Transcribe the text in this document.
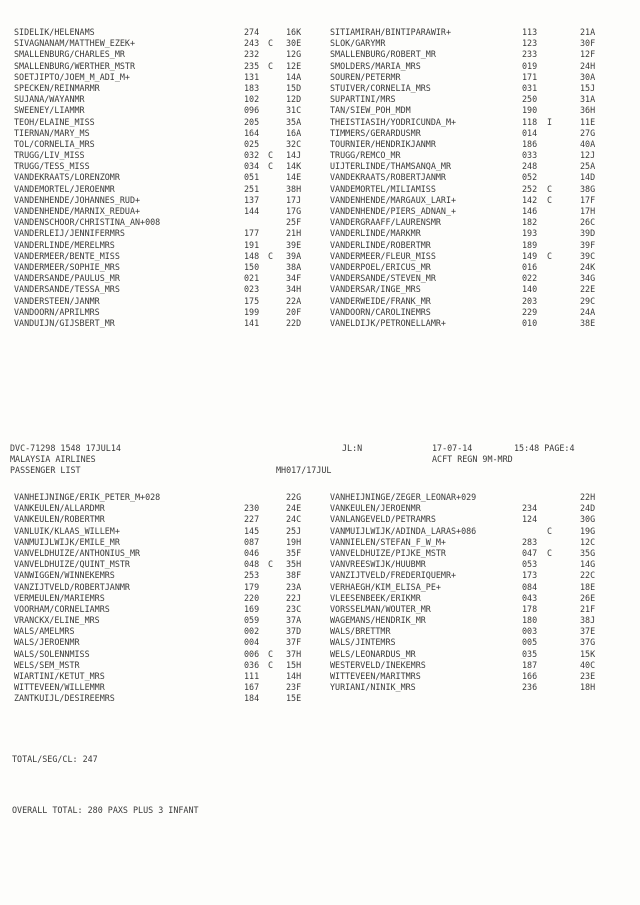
SIDELIK/HELENAMS	274	16K	SITIAMIRAH/BINTIPARAWIR+	113	21A
SIVAGNANAM/MATTHEW_EZEK+	243 C 30E	SLOK/GARYMR	123	30F
SMALLENBURG/CHARLES_MR	232	12G	SMALLENBURG/ROBERT_MR	233	12F
SMALLENBURG/WERTHER_MSTR	235 C 12E	SMOLDERS/MARIA_MRS	019	24H
SOETJIPTO/JOEM_M_ADI_M+	131	14A	SOUREN/PETERMR	171	30A
SPECKEN/REINMARMR	183	15D	STUIVER/CORNELIA_MRS	031	15J
SUJANA/WAYANMR	102	12D	SUPARTINI/MRS	250	31A
SWEENEY/LIAMMR	096	31C	TAN/SIEW_POH_MDM	190	36H
TEOH/ELAINE_MISS	205	35A	THEISTIASIH/YODRICUNDA_M+	118 I	11E
TIERNAN/MARY_MS	164	16A	TIMMERS/GERARDUSMR	014	27G
TOL/CORNELIA_MRS	025	32C	TOURNIER/HENDRIKJANMR	186	40A
TRUGG/LIV_MISS	032 C 14J	TRUGG/REMCO_MR	033	12J
TRUGG/TESS_MISS	034 C 14K	UIJTERLINDE/THAMSANQA_MR	248	25A
VANDEKRAATS/LORENZOMR	051	14E	VANDEKRAATS/ROBERTJANMR	052	14D
VANDEMORTEL/JEROENMR	251	38H	VANDEMORTEL/MILIAMISS	252 C	38G
VANDENHENDE/JOHANNES_RUD+	137	17J	VANDENHENDE/MARGAUX_LARI+	142 C	17F
VANDENHENDE/MARNIX_REDUA+	144	17G	VANDENHENDE/PIERS_ADNAN_+	146	17H
VANDENSCHOOR/CHRISTINA_AN+008	25F	VANDERGRAAFF/LAURENSMR	182	26C
VANDERLEIJ/JENNIFERMRS	177	21H	VANDERLINDE/MARKMR	193	39D
VANDERLINDE/MERELMRS	191	39E	VANDERLINDE/ROBERTMR	189	39F
VANDERMEER/BENTE_MISS	148 C 39A	VANDERMEER/FLEUR_MISS	149 C	39C
VANDERMEER/SOPHIE_MRS	150	38A	VANDERPOEL/ERICUS_MR	016	24K
VANDERSANDE/PAULUS_MR	021	34F	VANDERSANDE/STEVEN_MR	022	34G
VANDERSANDE/TESSA_MRS	023	34H	VANDERSAR/INGE_MRS	140	22E
VANDERSTEEN/JANMR	175	22A	VANDERWEIDE/FRANK_MR	203	29C
VANDOORN/APRILMRS	199	20F	VANDOORN/CAROLINEMRS	229	24A
VANDUIJN/GIJSBERT_MR	141	22D	VANELDIJK/PETRONELLAMR+	010	38E
DVC-71298 1548 17JUL14	JL:N	17-07-14	15:48 PAGE:4
MALAYSIA AIRLINES	ACFT REGN 9M-MRD
PASSENGER LIST	MH017/17JUL
VANHEIJNINGE/ERIK_PETER_M+028	22G	VANHEIJNINGE/ZEGER_LEONAR+029	22H
VANKEULEN/ALLARDMR	230	24E	VANKEULEN/JEROENMR	234	24D
VANKEULEN/ROBERTMR	227	24C	VANLANGEVELD/PETRAMRS	124	30G
VANLUIK/KLAAS_WILLEM+	145	25J	VANMUIJLWIJK/ADINDA_LARAS+086	C	19G
VANMUIJLWIJK/EMILE_MR	087	19H	VANNIELEN/STEFAN_F_W_M+	283	12C
VANVELDHUIZE/ANTHONIUS_MR	046	35F	VANVELDHUIZE/PIJKE_MSTR	047 C	35G
VANVELDHUIZE/QUINT_MSTR	048 C 35H	VANVREESWIJK/HUUBMR	053	14G
VANWIGGEN/WINNEKEMRS	253	38F	VANZIJTVELD/FREDERIQUEMR+	173	22C
VANZIJTVELD/ROBERTJANMR	179	23A	VERHAEGH/KIM_ELISA_PE+	084	18E
VERMEULEN/MARIEMRS	220	22J	VLEESENBEEK/ERIKMR	043	26E
VOORHAM/CORNELIAMRS	169	23C	VORSSELMAN/WOUTER_MR	178	21F
VRANCKX/ELINE_MRS	059	37A	WAGEMANS/HENDRIK_MR	180	38J
WALS/AMELMRS	002	37D	WALS/BRETTMR	003	37E
WALS/JEROENMR	004	37F	WALS/JINTEMRS	005	37G
WALS/SOLENNMISS	006 C 37H	WELS/LEONARDUS_MR	035	15K
WELS/SEM_MSTR	036 C 15H	WESTERVELD/INEKEMRS	187	40C
WIARTINI/KETUT_MRS	111	14H	WITTEVEEN/MARITMRS	166	23E
WITTEVEEN/WILLEMMR	167	23F	YURIANI/NINIK_MRS	236	18H
ZANTKUIJL/DESIREEMRS	184	15E
TOTAL/SEG/CL: 247
OVERALL TOTAL: 280 PAXS PLUS 3 INFANT
